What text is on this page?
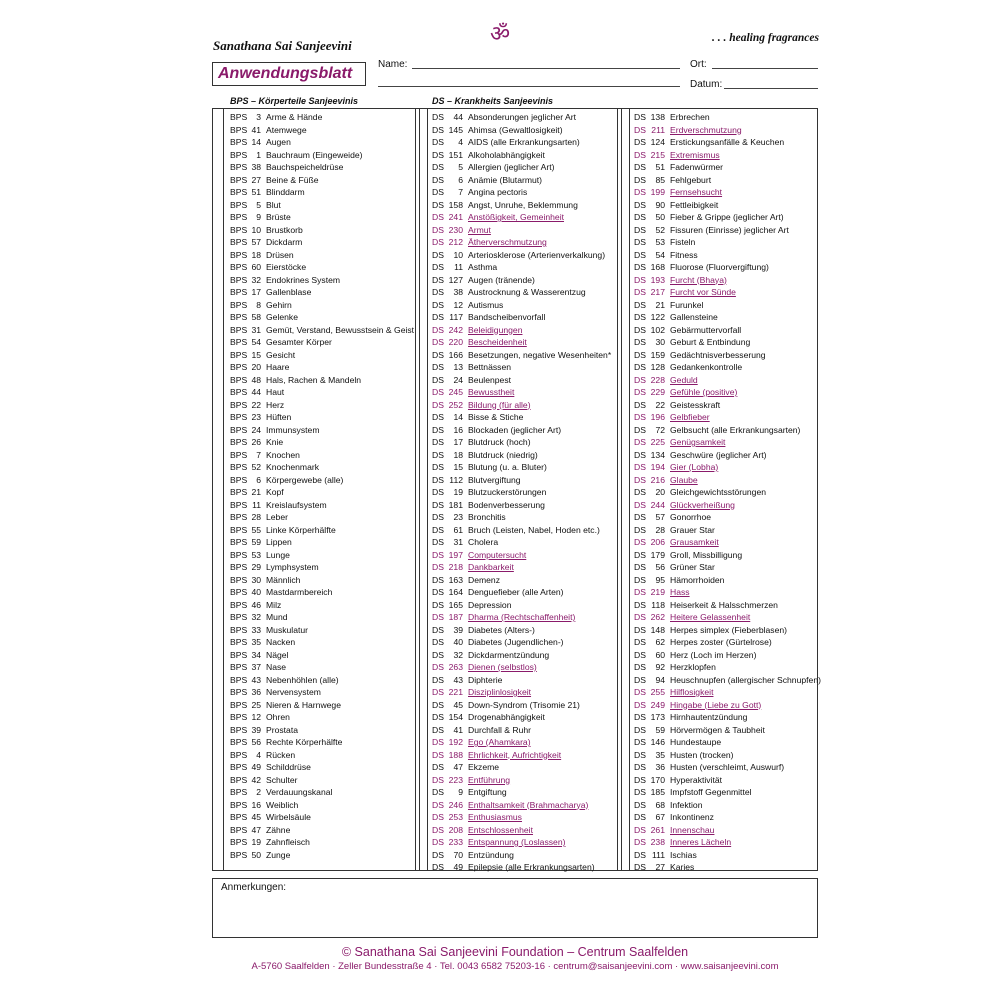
ॐ
Sanathana Sai Sanjeevini	. . . healing fragrances
Anwendungsblatt
Name:	Ort:
Datum:
BPS – Körperteile Sanjeevinis	DS – Krankheits Sanjeevinis
BPS	3 Arme & Hände
BPS 41 Atemwege
BPS 14 Augen
BPS	1 Bauchraum (Eingeweide)
BPS 38 Bauchspeicheldrüse
BPS 27 Beine & Füße
BPS 51 Blinddarm
BPS	5 Blut
BPS	9 Brüste
BPS 10 Brustkorb
BPS 57 Dickdarm
BPS 18 Drüsen
BPS 60 Eierstöcke
BPS 32 Endokrines System
BPS 17 Gallenblase
BPS	8 Gehirn
BPS 58 Gelenke
BPS 31 Gemüt, Verstand, Bewusstsein & Geist
BPS 54 Gesamter Körper
BPS 15 Gesicht
BPS 20 Haare
BPS 48 Hals, Rachen & Mandeln
BPS 44 Haut
BPS 22 Herz
BPS 23 Hüften
BPS 24 Immunsystem
BPS 26 Knie
BPS	7 Knochen
BPS 52 Knochenmark
BPS	6 Körpergewebe (alle)
BPS 21 Kopf
BPS 11 Kreislaufsystem
BPS 28 Leber
BPS 55 Linke Körperhälfte
BPS 59 Lippen
BPS 53 Lunge
BPS 29 Lymphsystem
BPS 30 Männlich
BPS 40 Mastdarmbereich
BPS 46 Milz
BPS 32 Mund
BPS 33 Muskulatur
BPS 35 Nacken
BPS 34 Nägel
BPS 37 Nase
BPS 43 Nebenhöhlen (alle)
BPS 36 Nervensystem
BPS 25 Nieren & Harnwege
BPS 12 Ohren
BPS 39 Prostata
BPS 56 Rechte Körperhälfte
BPS	4 Rücken
BPS 49 Schilddrüse
BPS 42 Schulter
BPS	2 Verdauungskanal
BPS 16 Weiblich
BPS 45 Wirbelsäule
BPS 47 Zähne
BPS 19 Zahnfleisch
BPS 50 Zunge
DS	44 Absonderungen jeglicher Art
DS 145 Ahimsa (Gewaltlosigkeit)
DS	4 AIDS (alle Erkrankungsarten)
DS 151 Alkoholabhängigkeit
DS	5 Allergien (jeglicher Art)
DS	6 Anämie (Blutarmut)
DS	7 Angina pectoris
DS 158 Angst, Unruhe, Beklemmung
DS 241 Anstößigkeit, Gemeinheit
DS 230 Armut
DS 212 Ätherverschmutzung
DS	10 Arteriosklerose (Arterienverkalkung)
DS	11 Asthma
DS 127 Augen (tränende)
DS	38 Austrocknung & Wasserentzug
DS	12 Autismus
DS 117 Bandscheibenvorfall
DS 242 Beleidigungen
DS 220 Bescheidenheit
DS 166 Besetzungen, negative Wesenheiten*
DS	13 Bettnässen
DS	24 Beulenpest
DS 245 Bewusstheit
DS 252 Bildung (für alle)
DS	14 Bisse & Stiche
DS	16 Blockaden (jeglicher Art)
DS	17 Blutdruck (hoch)
DS	18 Blutdruck (niedrig)
DS	15 Blutung (u. a. Bluter)
DS 112 Blutvergiftung
DS	19 Blutzuckerstörungen
DS 181 Bodenverbesserung
DS	23 Bronchitis
DS	61 Bruch (Leisten, Nabel, Hoden etc.)
DS	31 Cholera
DS 197 Computersucht
DS 218 Dankbarkeit
DS 163 Demenz
DS 164 Denguefieber (alle Arten)
DS 165 Depression
DS 187 Dharma (Rechtschaffenheit)
DS	39 Diabetes (Alters-)
DS	40 Diabetes (Jugendlichen-)
DS	32 Dickdarmentzündung
DS 263 Dienen (selbstlos)
DS	43 Diphterie
DS 221 Disziplinlosigkeit
DS	45 Down-Syndrom (Trisomie 21)
DS 154 Drogenabhängigkeit
DS	41 Durchfall & Ruhr
DS 192 Ego (Ahamkara)
DS 188 Ehrlichkeit, Aufrichtigkeit
DS	47 Ekzeme
DS 223 Entführung
DS	9 Entgiftung
DS 246 Enthaltsamkeit (Brahmacharya)
DS 253 Enthusiasmus
DS 208 Entschlossenheit
DS 233 Entspannung (Loslassen)
DS	70 Entzündung
DS	49 Epilepsie (alle Erkrankungsarten)
DS 138 Erbrechen
DS 211 Erdverschmutzung
DS 124 Erstickungsanfälle & Keuchen
DS 215 Extremismus
DS	51 Fadenwürmer
DS	85 Fehlgeburt
DS 199 Fernsehsucht
DS	90 Fettleibigkeit
DS	50 Fieber & Grippe (jeglicher Art)
DS	52 Fissuren (Einrisse) jeglicher Art
DS	53 Fisteln
DS	54 Fitness
DS 168 Fluorose (Fluorvergiftung)
DS 193 Furcht (Bhaya)
DS 217 Furcht vor Sünde
DS	21 Furunkel
DS 122 Gallensteine
DS 102 Gebärmuttervorfall
DS	30 Geburt & Entbindung
DS 159 Gedächtnisverbesserung
DS 128 Gedankenkontrolle
DS 228 Geduld
DS 229 Gefühle (positive)
DS	22 Geistesskraft
DS 196 Gelbfieber
DS	72 Gelbsucht (alle Erkrankungsarten)
DS 225 Genügsamkeit
DS 134 Geschwüre (jeglicher Art)
DS 194 Gier (Lobha)
DS 216 Glaube
DS	20 Gleichgewichtsstörungen
DS 244 Glückverheißung
DS	57 Gonorrhoe
DS	28 Grauer Star
DS 206 Grausamkeit
DS 179 Groll, Missbilligung
DS	56 Grüner Star
DS	95 Hämorrhoiden
DS 219 Hass
DS 118 Heiserkeit & Halsschmerzen
DS 262 Heitere Gelassenheit
DS 148 Herpes simplex (Fieberblasen)
DS	62 Herpes zoster (Gürtelrose)
DS	60 Herz (Loch im Herzen)
DS	92 Herzklopfen
DS	94 Heuschnupfen (allergischer Schnupfen)
DS 255 Hilflosigkeit
DS 249 Hingabe (Liebe zu Gott)
DS 173 Hirnhautentzündung
DS	59 Hörvermögen & Taubheit
DS 146 Hundestaupe
DS	35 Husten (trocken)
DS	36 Husten (verschleimt, Auswurf)
DS 170 Hyperaktivität
DS 185 Impfstoff Gegenmittel
DS	68 Infektion
DS	67 Inkontinenz
DS 261 Innenschau
DS 238 Inneres Lächeln
DS 111 Ischias
DS	27 Karies
Anmerkungen:
© Sanathana Sai Sanjeevini Foundation – Centrum Saalfelden
A-5760 Saalfelden · Zeller Bundesstraße 4 · Tel. 0043 6582 75203-16 · centrum@saisanjeevini.com · www.saisanjeevini.com
